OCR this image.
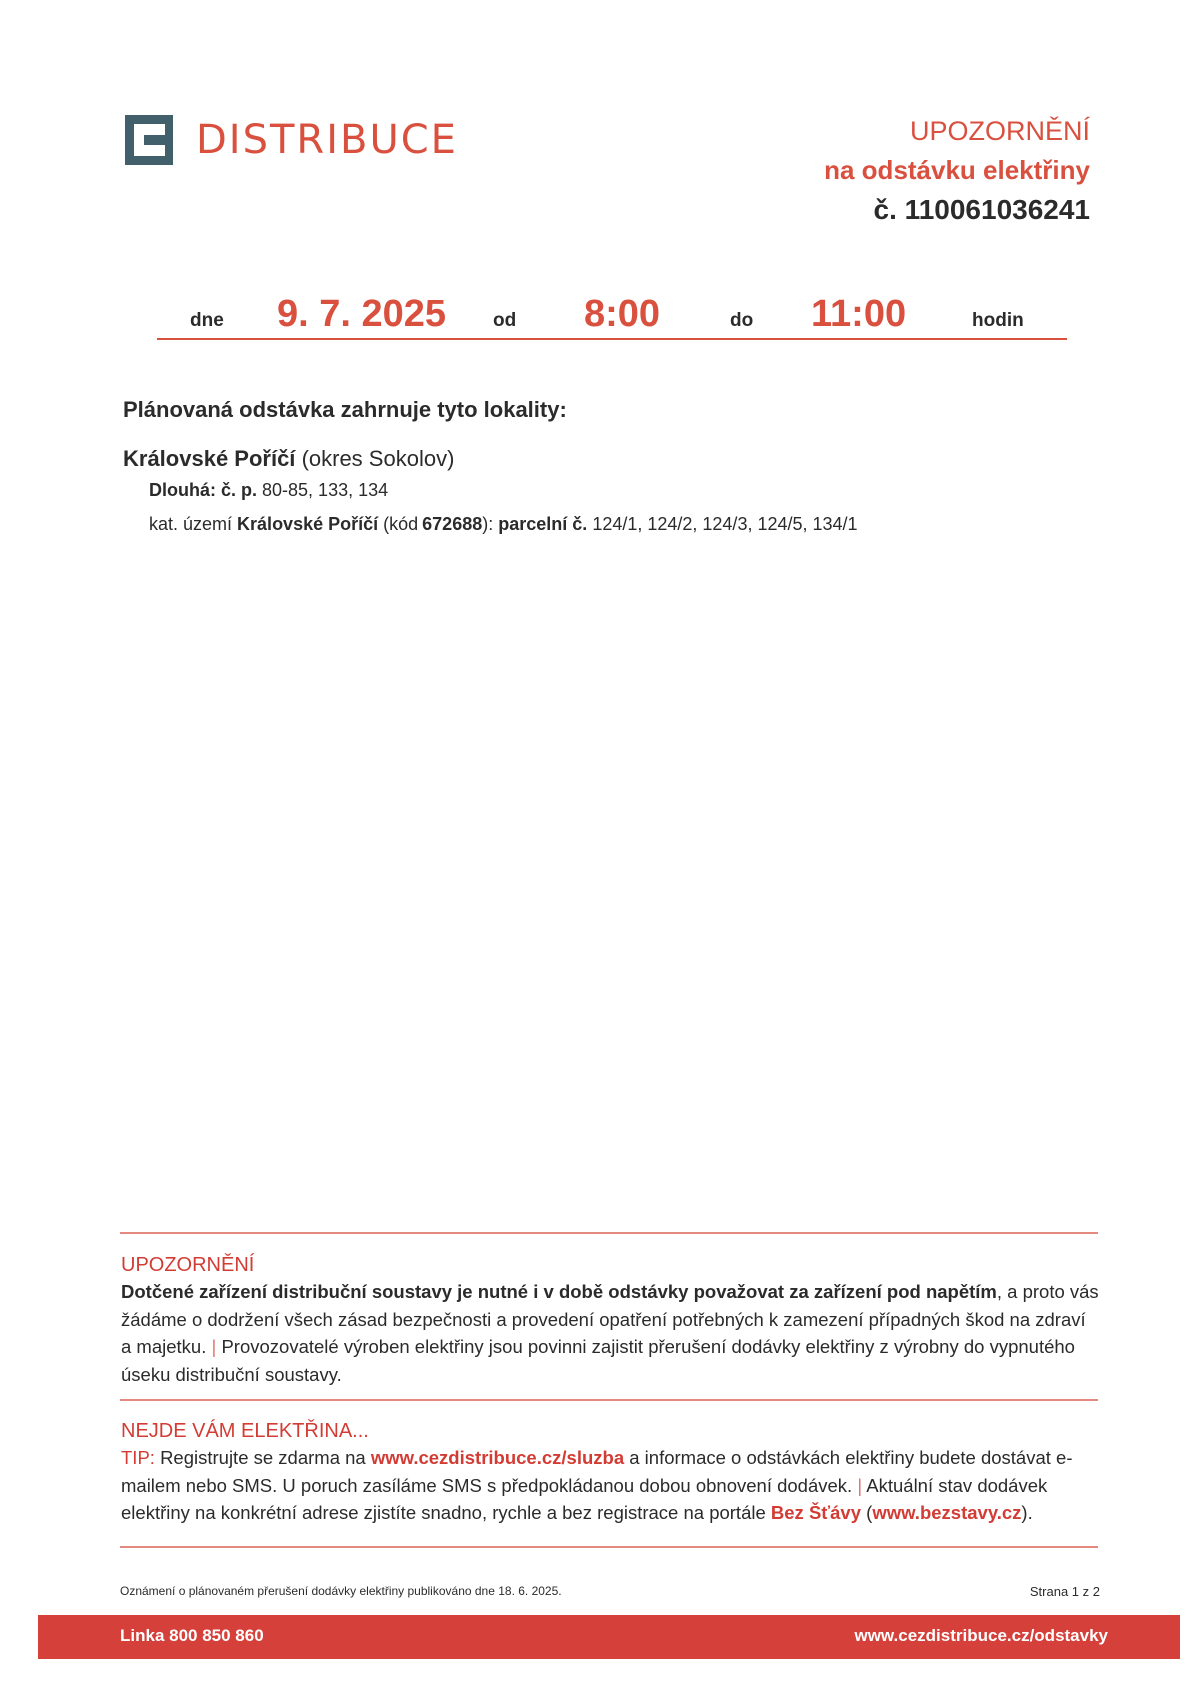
DISTRIBUCE	UPOZORNĚNÍ
na odstávku elektřiny
č. 110061036241
dne 9. 7. 2025 od 8:00	do 11:00	hodin
Plánovaná odstávka zahrnuje tyto lokality:
Královské Poříčí (okres Sokolov)
Dlouhá: č. p. 80-85, 133, 134
kat. území Královské Poříčí (kód 672688): parcelní č. 124/1, 124/2, 124/3, 124/5, 134/1
UPOZORNĚNÍ
Dotčené zařízení distribuční soustavy je nutné i v době odstávky považovat za zařízení pod napětím, a proto vás žádáme o dodržení všech zásad bezpečnosti a provedení opatření potřebných k zamezení případných škod na zdraví a majetku. | Provozovatelé výroben elektřiny jsou povinni zajistit přerušení dodávky elektřiny z výrobny do vypnutého úseku distribuční soustavy.
NEJDE VÁM ELEKTŘINA...
TIP: Registrujte se zdarma na www.cezdistribuce.cz/sluzba a informace o odstávkách elektřiny budete dostávat e-mailem nebo SMS. U poruch zasíláme SMS s předpokládanou dobou obnovení dodávek. | Aktuální stav dodávek elektřiny na konkrétní adrese zjistíte snadno, rychle a bez registrace na portále Bez Šťávy (www.bezstavy.cz).
Oznámení o plánovaném přerušení dodávky elektřiny publikováno dne 18. 6. 2025.	Strana 1 z 2
Linka 800 850 860	www.cezdistribuce.cz/odstavky
